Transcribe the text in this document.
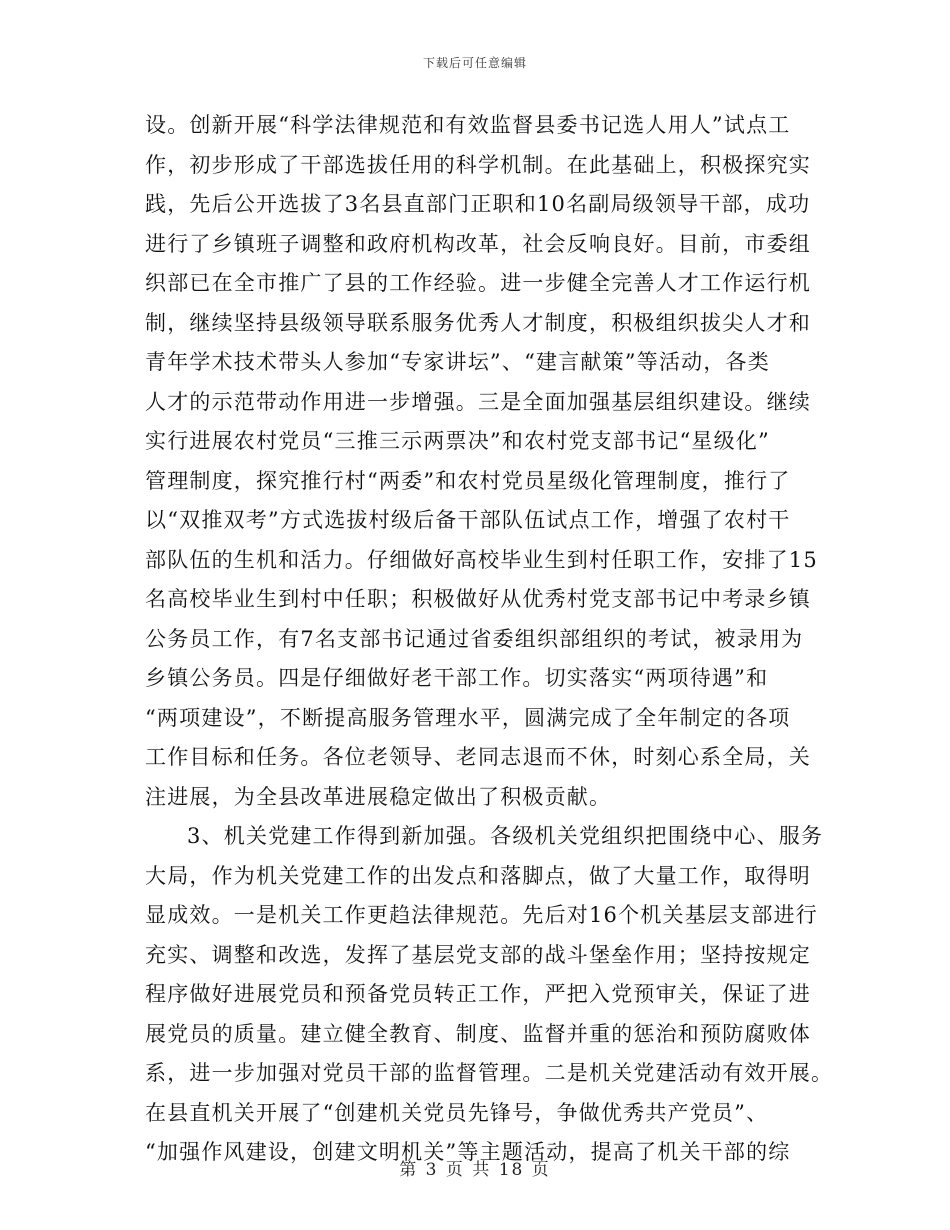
下载后可任意编辑
设。创新开展“科学法律规范和有效监督县委书记选人用人”试点工
作，初步形成了干部选拔任用的科学机制。在此基础上，积极探究实
践，先后公开选拔了3名县直部门正职和10名副局级领导干部，成功
进行了乡镇班子调整和政府机构改革，社会反响良好。目前，市委组
织部已在全市推广了县的工作经验。进一步健全完善人才工作运行机
制，继续坚持县级领导联系服务优秀人才制度，积极组织拔尖人才和
青年学术技术带头人参加“专家讲坛”、“建言献策”等活动，各类
人才的示范带动作用进一步增强。三是全面加强基层组织建设。继续
实行进展农村党员“三推三示两票决”和农村党支部书记“星级化”
管理制度，探究推行村“两委”和农村党员星级化管理制度，推行了
以“双推双考”方式选拔村级后备干部队伍试点工作，增强了农村干
部队伍的生机和活力。仔细做好高校毕业生到村任职工作，安排了15
名高校毕业生到村中任职；积极做好从优秀村党支部书记中考录乡镇
公务员工作，有7名支部书记通过省委组织部组织的考试，被录用为
乡镇公务员。四是仔细做好老干部工作。切实落实“两项待遇”和
“两项建设”，不断提高服务管理水平，圆满完成了全年制定的各项
工作目标和任务。各位老领导、老同志退而不休，时刻心系全局，关
注进展，为全县改革进展稳定做出了积极贡献。
3、机关党建工作得到新加强。各级机关党组织把围绕中心、服务
大局，作为机关党建工作的出发点和落脚点，做了大量工作，取得明
显成效。一是机关工作更趋法律规范。先后对16个机关基层支部进行
充实、调整和改选，发挥了基层党支部的战斗堡垒作用；坚持按规定
程序做好进展党员和预备党员转正工作，严把入党预审关，保证了进
展党员的质量。建立健全教育、制度、监督并重的惩治和预防腐败体
系，进一步加强对党员干部的监督管理。二是机关党建活动有效开展。
在县直机关开展了“创建机关党员先锋号，争做优秀共产党员”、
“加强作风建设，创建文明机关”等主题活动，提高了机关干部的综
第 3 页 共 18 页
